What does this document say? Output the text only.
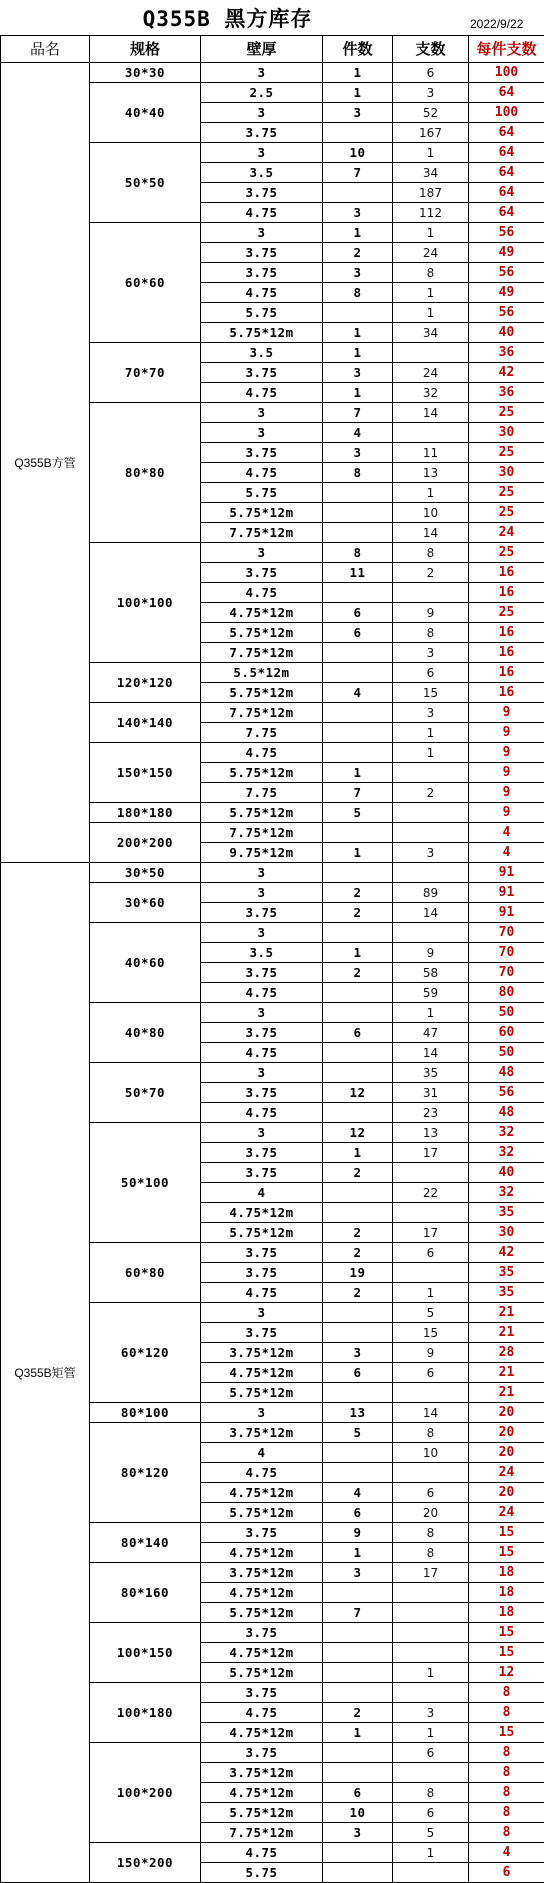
Q355B 黑方库存	2022/9/22
品名	规格	壁厚	件数	支数	每件支数
Q355B方管	30*30	3	1	6	100
	40*40	2.5	1	3	64
		3	3	52	100
		3.75		167	64
	50*50	3	10	1	64
		3.5	7	34	64
		3.75		187	64
		4.75	3	112	64
	60*60	3	1	1	56
		3.75	2	24	49
		3.75	3	8	56
		4.75	8	1	49
		5.75		1	56
		5.75*12m	1	34	40
	70*70	3.5	1		36
		3.75	3	24	42
		4.75	1	32	36
	80*80	3	7	14	25
		3	4		30
		3.75	3	11	25
		4.75	8	13	30
		5.75		1	25
		5.75*12m		10	25
		7.75*12m		14	24
	100*100	3	8	8	25
		3.75	11	2	16
		4.75			16
		4.75*12m	6	9	25
		5.75*12m	6	8	16
		7.75*12m		3	16
	120*120	5.5*12m		6	16
		5.75*12m	4	15	16
	140*140	7.75*12m		3	9
		7.75		1	9
	150*150	4.75		1	9
		5.75*12m	1		9
		7.75	7	2	9
	180*180	5.75*12m	5		9
	200*200	7.75*12m			4
		9.75*12m	1	3	4
Q355B矩管	30*50	3			91
	30*60	3	2	89	91
		3.75	2	14	91
	40*60	3			70
		3.5	1	9	70
		3.75	2	58	70
		4.75		59	80
	40*80	3		1	50
		3.75	6	47	60
		4.75		14	50
	50*70	3		35	48
		3.75	12	31	56
		4.75		23	48
	50*100	3	12	13	32
		3.75	1	17	32
		3.75	2		40
		4		22	32
		4.75*12m			35
		5.75*12m	2	17	30
	60*80	3.75	2	6	42
		3.75	19		35
		4.75	2	1	35
	60*120	3		5	21
		3.75		15	21
		3.75*12m	3	9	28
		4.75*12m	6	6	21
		5.75*12m			21
	80*100	3	13	14	20
	80*120	3.75*12m	5	8	20
		4		10	20
		4.75			24
		4.75*12m	4	6	20
		5.75*12m	6	20	24
	80*140	3.75	9	8	15
		4.75*12m	1	8	15
	80*160	3.75*12m	3	17	18
		4.75*12m			18
		5.75*12m	7		18
	100*150	3.75			15
		4.75*12m			15
		5.75*12m		1	12
	100*180	3.75			8
		4.75	2	3	8
		4.75*12m	1	1	15
	100*200	3.75		6	8
		3.75*12m			8
		4.75*12m	6	8	8
		5.75*12m	10	6	8
		7.75*12m	3	5	8
	150*200	4.75		1	4
		5.75			6
